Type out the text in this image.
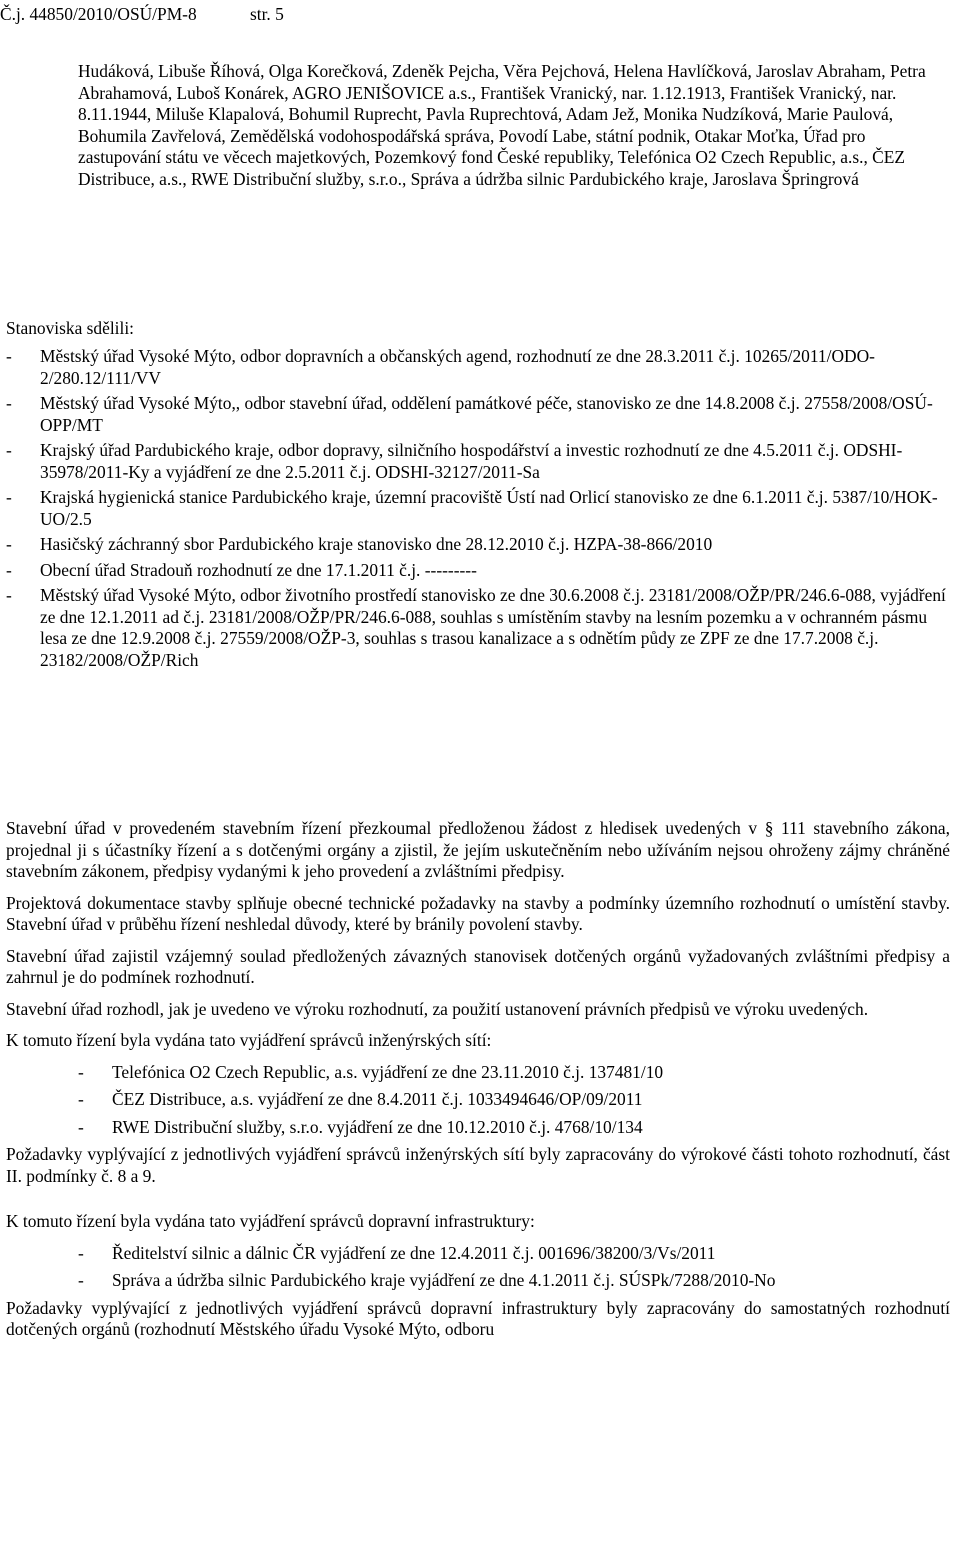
Č.j. 44850/2010/OSÚ/PM-8	str. 5

Hudáková, Libuše Říhová, Olga Korečková, Zdeněk Pejcha, Věra Pejchová, Helena Havlíčková, Jaroslav Abraham, Petra Abrahamová, Luboš Konárek, AGRO JENIŠOVICE a.s., František Vranický, nar. 1.12.1913, František Vranický, nar. 8.11.1944, Miluše Klapalová, Bohumil Ruprecht, Pavla Ruprechtová, Adam Jež, Monika Nudzíková, Marie Paulová, Bohumila Zavřelová, Zemědělská vodohospodářská správa, Povodí Labe, státní podnik, Otakar Moťka, Úřad pro zastupování státu ve věcech majetkových, Pozemkový fond České republiky, Telefónica O2 Czech Republic, a.s., ČEZ Distribuce, a.s., RWE Distribuční služby, s.r.o., Správa a údržba silnic Pardubického kraje, Jaroslava Špringrová

Stanoviska sdělili:
-	Městský úřad Vysoké Mýto, odbor dopravních a občanských agend, rozhodnutí ze dne 28.3.2011 č.j. 10265/2011/ODO-2/280.12/111/VV
-	Městský úřad Vysoké Mýto,, odbor stavební úřad, oddělení památkové péče, stanovisko ze dne 14.8.2008 č.j. 27558/2008/OSÚ-OPP/MT
-	Krajský úřad Pardubického kraje, odbor dopravy, silničního hospodářství a investic rozhodnutí ze dne 4.5.2011 č.j. ODSHI-35978/2011-Ky a vyjádření ze dne 2.5.2011 č.j. ODSHI-32127/2011-Sa
-	Krajská hygienická stanice Pardubického kraje, územní pracoviště Ústí nad Orlicí stanovisko ze dne 6.1.2011 č.j. 5387/10/HOK-UO/2.5
-	Hasičský záchranný sbor Pardubického kraje stanovisko dne 28.12.2010 č.j. HZPA-38-866/2010
-	Obecní úřad Stradouň rozhodnutí ze dne 17.1.2011 č.j. ---------
-	Městský úřad Vysoké Mýto, odbor životního prostředí stanovisko ze dne 30.6.2008 č.j. 23181/2008/OŽP/PR/246.6-088, vyjádření ze dne 12.1.2011 ad č.j. 23181/2008/OŽP/PR/246.6-088, souhlas s umístěním stavby na lesním pozemku a v ochranném pásmu lesa ze dne 12.9.2008 č.j. 27559/2008/OŽP-3, souhlas s trasou kanalizace a s odnětím půdy ze ZPF ze dne 17.7.2008 č.j. 23182/2008/OŽP/Rich

Stavební úřad v provedeném stavebním řízení přezkoumal předloženou žádost z hledisek uvedených v § 111 stavebního zákona, projednal ji s účastníky řízení a s dotčenými orgány a zjistil, že jejím uskutečněním nebo užíváním nejsou ohroženy zájmy chráněné stavebním zákonem, předpisy vydanými k jeho provedení a zvláštními předpisy.

Projektová dokumentace stavby splňuje obecné technické požadavky na stavby a podmínky územního rozhodnutí o umístění stavby. Stavební úřad v průběhu řízení neshledal důvody, které by bránily povolení stavby.

Stavební úřad zajistil vzájemný soulad předložených závazných stanovisek dotčených orgánů vyžadovaných zvláštními předpisy a zahrnul je do podmínek rozhodnutí.

Stavební úřad rozhodl, jak je uvedeno ve výroku rozhodnutí, za použití ustanovení právních předpisů ve výroku uvedených.

K tomuto řízení byla vydána tato vyjádření správců inženýrských sítí:

-	Telefónica O2 Czech Republic, a.s. vyjádření ze dne 23.11.2010 č.j. 137481/10
-	ČEZ Distribuce, a.s. vyjádření ze dne 8.4.2011 č.j. 1033494646/OP/09/2011
-	RWE Distribuční služby, s.r.o. vyjádření ze dne 10.12.2010 č.j. 4768/10/134

Požadavky vyplývající z jednotlivých vyjádření správců inženýrských sítí byly zapracovány do výrokové části tohoto rozhodnutí, část II. podmínky č. 8 a 9.

K tomuto řízení byla vydána tato vyjádření správců dopravní infrastruktury:

-	Ředitelství silnic a dálnic ČR vyjádření ze dne 12.4.2011 č.j. 001696/38200/3/Vs/2011
-	Správa a údržba silnic Pardubického kraje vyjádření ze dne 4.1.2011 č.j. SÚSPk/7288/2010-No

Požadavky vyplývající z jednotlivých vyjádření správců dopravní infrastruktury byly zapracovány do samostatných rozhodnutí dotčených orgánů (rozhodnutí Městského úřadu Vysoké Mýto, odboru
